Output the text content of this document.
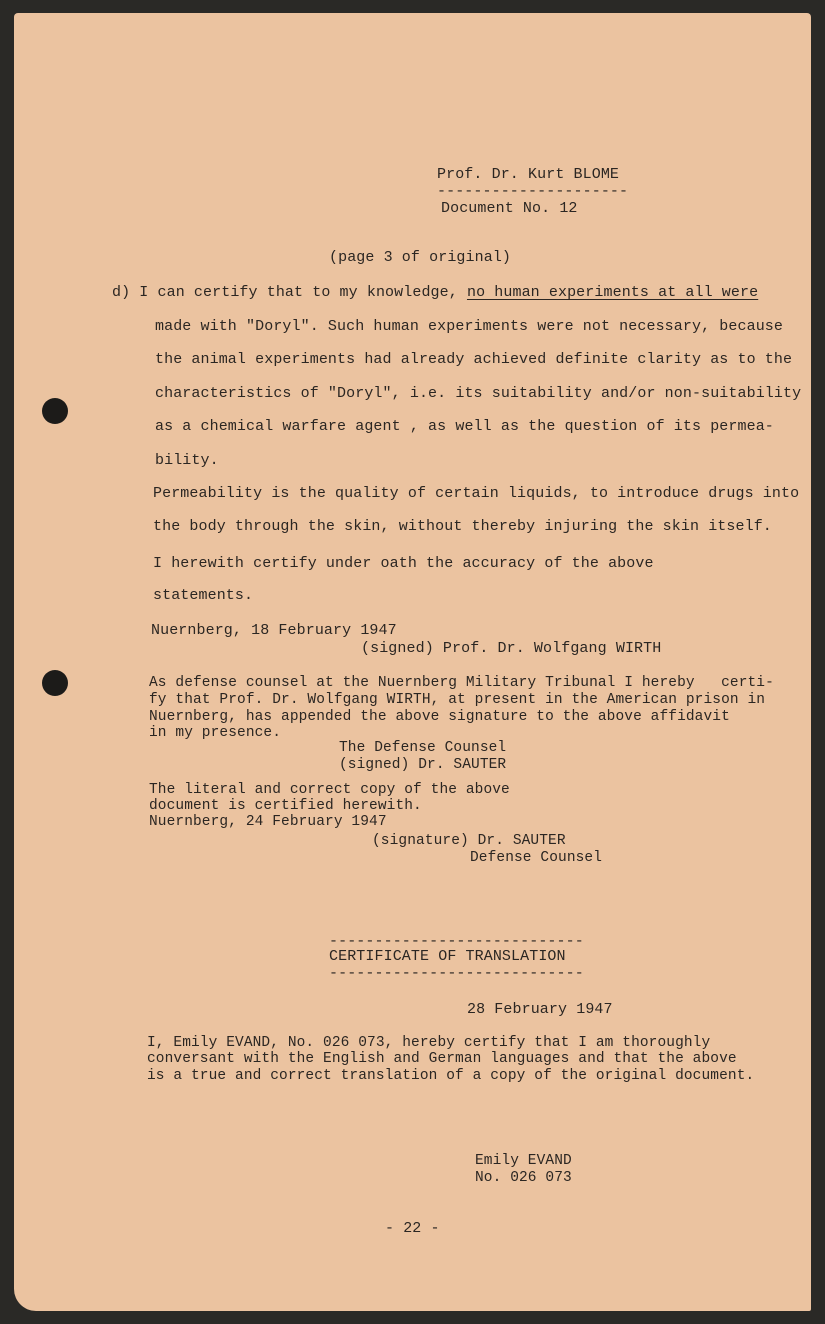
Prof. Dr. Kurt BLOME
---------------------
Document No. 12
(page 3 of original)
d) I can certify that to my knowledge, no human experiments at all were
made with "Doryl". Such human experiments were not necessary, because
the animal experiments had already achieved definite clarity as to the
characteristics of "Doryl", i.e. its suitability and/or non-suitability
as a chemical warfare agent , as well as the question of its permea-
bility.
Permeability is the quality of certain liquids, to introduce drugs into
the body through the skin, without thereby injuring the skin itself.
I herewith certify under oath the accuracy of the above
statements.
Nuernberg, 18 February 1947
(signed) Prof. Dr. Wolfgang WIRTH
As defense counsel at the Nuernberg Military Tribunal I hereby   certi-
fy that Prof. Dr. Wolfgang WIRTH, at present in the American prison in
Nuernberg, has appended the above signature to the above affidavit
in my presence.
The Defense Counsel
(signed) Dr. SAUTER
The literal and correct copy of the above
document is certified herewith.
Nuernberg, 24 February 1947
(signature) Dr. SAUTER
Defense Counsel
----------------------------
CERTIFICATE OF TRANSLATION
----------------------------
28 February 1947
I, Emily EVAND, No. 026 073, hereby certify that I am thoroughly
conversant with the English and German languages and that the above
is a true and correct translation of a copy of the original document.
Emily EVAND
No. 026 073
- 22 -
